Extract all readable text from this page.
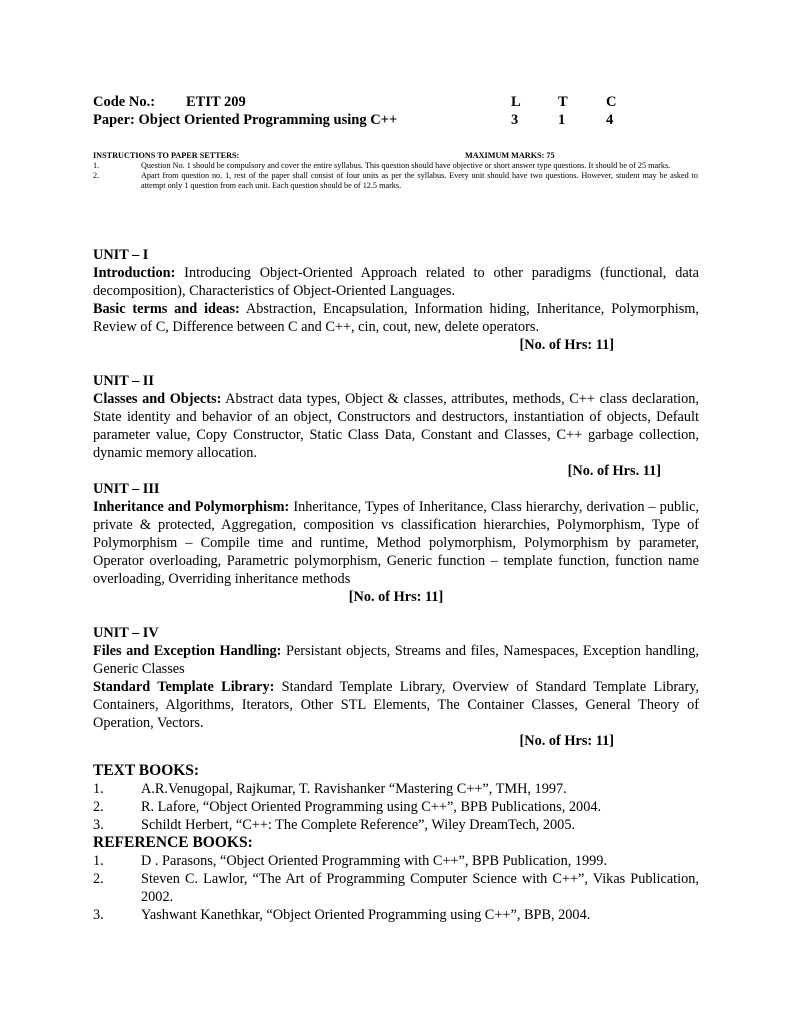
Code No.: ETIT 209	L	T	C
Paper: Object Oriented Programming using C++	3	1	4
INSTRUCTIONS TO PAPER SETTERS:	MAXIMUM MARKS: 75
1.	Question No. 1 should be compulsory and cover the entire syllabus. This question should have objective or short answer type questions. It should be of 25 marks.
2.	Apart from question no. 1, rest of the paper shall consist of four units as per the syllabus. Every unit should have two questions. However, student may be asked to attempt only 1 question from each unit. Each question should be of 12.5 marks.
UNIT – I
Introduction: Introducing Object-Oriented Approach related to other paradigms (functional, data decomposition), Characteristics of Object-Oriented Languages.
Basic terms and ideas: Abstraction, Encapsulation, Information hiding, Inheritance, Polymorphism, Review of C, Difference between C and C++, cin, cout, new, delete operators.
[No. of Hrs: 11]
UNIT – II
Classes and Objects: Abstract data types, Object & classes, attributes, methods, C++ class declaration, State identity and behavior of an object, Constructors and destructors, instantiation of objects, Default parameter value, Copy Constructor, Static Class Data, Constant and Classes, C++ garbage collection, dynamic memory allocation.
[No. of Hrs. 11]
UNIT – III
Inheritance and Polymorphism: Inheritance, Types of Inheritance, Class hierarchy, derivation – public, private & protected, Aggregation, composition vs classification hierarchies, Polymorphism, Type of Polymorphism – Compile time and runtime, Method polymorphism, Polymorphism by parameter, Operator overloading, Parametric polymorphism, Generic function – template function, function name overloading, Overriding inheritance methods
[No. of Hrs: 11]
UNIT – IV
Files and Exception Handling: Persistant objects, Streams and files, Namespaces, Exception handling, Generic Classes
Standard Template Library: Standard Template Library, Overview of Standard Template Library, Containers, Algorithms, Iterators, Other STL Elements, The Container Classes, General Theory of Operation, Vectors.
[No. of Hrs: 11]
TEXT BOOKS:
1.	A.R.Venugopal, Rajkumar, T. Ravishanker “Mastering C++”, TMH, 1997.
2.	R. Lafore, “Object Oriented Programming using C++”, BPB Publications, 2004.
3.	Schildt Herbert, “C++: The Complete Reference”, Wiley DreamTech, 2005.
REFERENCE BOOKS:
1.	D . Parasons, “Object Oriented Programming with C++”, BPB Publication, 1999.
2.	Steven C. Lawlor, “The Art of Programming Computer Science with C++”, Vikas Publication, 2002.
3.	Yashwant Kanethkar, “Object Oriented Programming using C++”, BPB, 2004.
